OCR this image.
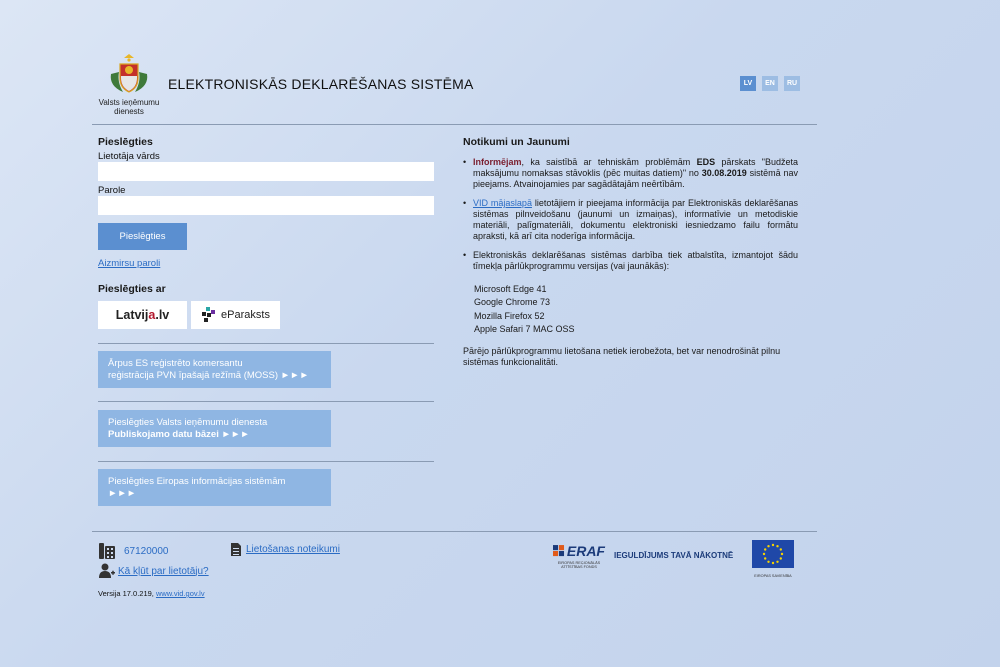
Valsts ieņēmumu dienests
ELEKTRONISKĀS DEKLARĒŠANAS SISTĒMA	LV	EN	RU
Pieslēgties
Lietotāja vārds
Parole
Pieslēgties
Aizmirsu paroli
Pieslēgties ar
Latvij a .lv	eParaksts
Ārpus ES reģistrēto komersantu
reģistrācija PVN īpašajā režīmā (MOSS) ►►►
Pieslēgties Valsts ieņēmumu dienesta
Publiskojamo datu bāzei ►►►
Pieslēgties Eiropas informācijas sistēmām
►►►
Notikumi un Jaunumi
• Informējam, ka saistībā ar tehniskām problēmām EDS pārskats "Budžeta maksājumu nomaksas stāvoklis (pēc muitas datiem)" no 30.08.2019 sistēmā nav pieejams. Atvainojamies par sagādātajām neērtībām.
• VID mājaslapā lietotājiem ir pieejama informācija par Elektroniskās deklarēšanas sistēmas pilnveidošanu (jaunumi un izmaiņas), informatīvie un metodiskie materiāli, palīgmateriāli, dokumentu elektroniski iesniedzamo failu formātu apraksti, kā arī cita noderīga informācija.
• Elektroniskās deklarēšanas sistēmas darbība tiek atbalstīta, izmantojot šādu tīmekļa pārlūkprogrammu versijas (vai jaunākās):
Microsoft Edge 41
Google Chrome 73
Mozilla Firefox 52
Apple Safari 7 MAC OSS
Pārējo pārlūkprogrammu lietošana netiek ierobežota, bet var nenodrošināt pilnu sistēmas funkcionalitāti.
67120000	Lietošanas noteikumi
Kā kļūt par lietotāju?
Versija 17.0.219, www.vid.gov.lv
ERAF
EIROPAS REĢIONĀLĀS ATTĪSTĪBAS FONDS
IEGULDĪJUMS TAVĀ NĀKOTNĒ
EIROPAS SAVIENĪBA
